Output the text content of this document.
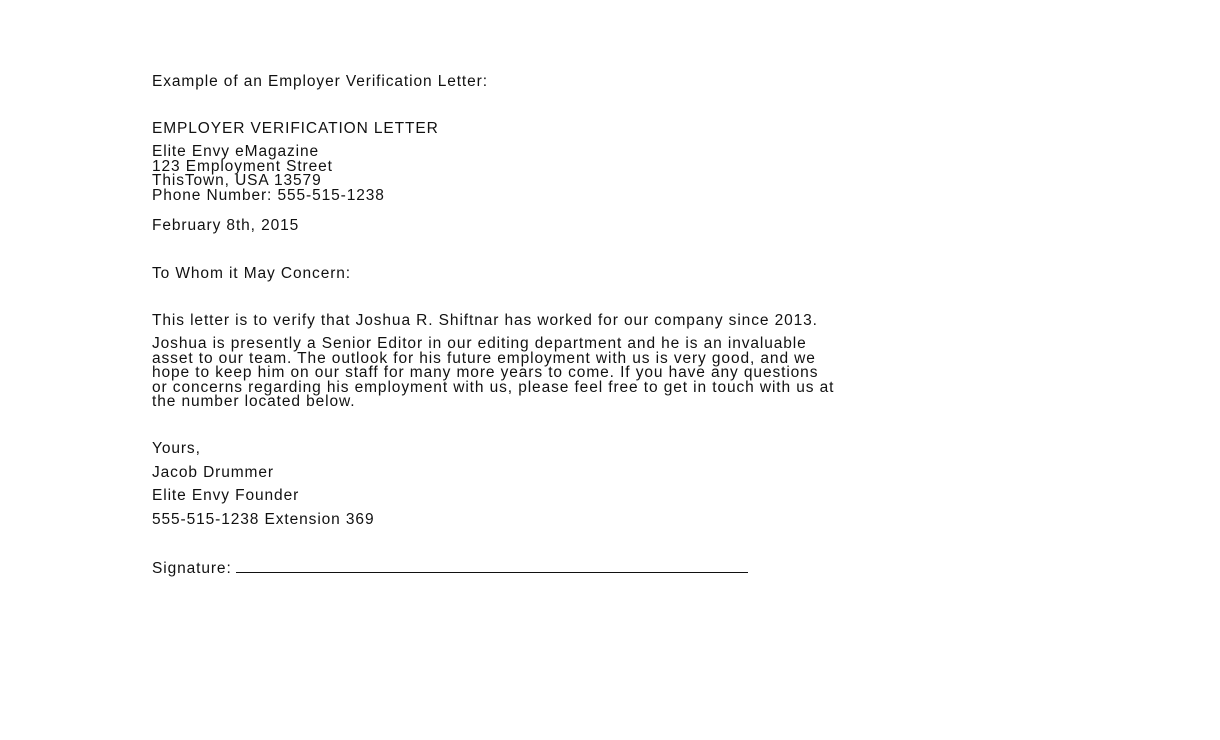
Example of an Employer Verification Letter:
EMPLOYER VERIFICATION LETTER
Elite Envy eMagazine
123 Employment Street
ThisTown, USA 13579
Phone Number: 555-515-1238
February 8th, 2015
To Whom it May Concern:
This letter is to verify that Joshua R. Shiftnar has worked for our company since 2013.
Joshua is presently a Senior Editor in our editing department and he is an invaluable
asset to our team. The outlook for his future employment with us is very good, and we
hope to keep him on our staff for many more years to come. If you have any questions
or concerns regarding his employment with us, please feel free to get in touch with us at
the number located below.
Yours,
Jacob Drummer
Elite Envy Founder
555-515-1238 Extension 369
Signature:
